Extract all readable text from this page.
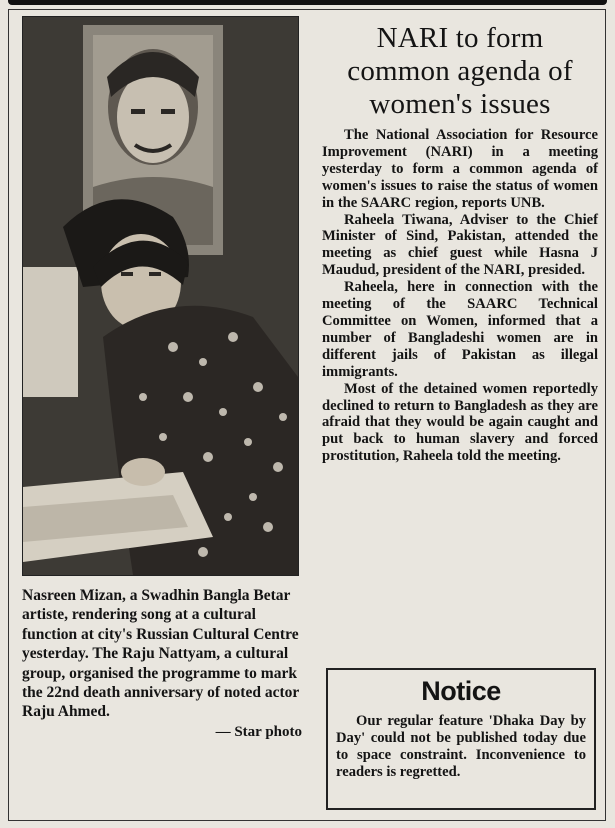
Nasreen Mizan, a Swadhin Bangla Betar artiste, rendering song at a cultural function at city's Russian Cultural Centre yesterday. The Raju Nattyam, a cultural group, organised the programme to mark the 22nd death anniversary of noted actor Raju Ahmed.
— Star photo
NARI to form common agenda of women's issues

The National Association for Resource Improvement (NARI) in a meeting yesterday to form a common agenda of women's issues to raise the status of women in the SAARC region, reports UNB.

Raheela Tiwana, Adviser to the Chief Minister of Sind, Pakistan, attended the meeting as chief guest while Hasna J Maudud, president of the NARI, presided.

Raheela, here in connection with the meeting of the SAARC Technical Committee on Women, informed that a number of Bangladeshi women are in different jails of Pakistan as illegal immigrants.

Most of the detained women reportedly declined to return to Bangladesh as they are afraid that they would be again caught and put back to human slavery and forced prostitution, Raheela told the meeting.

Notice

Our regular feature 'Dhaka Day by Day' could not be published today due to space constraint. Inconvenience to readers is regretted.
